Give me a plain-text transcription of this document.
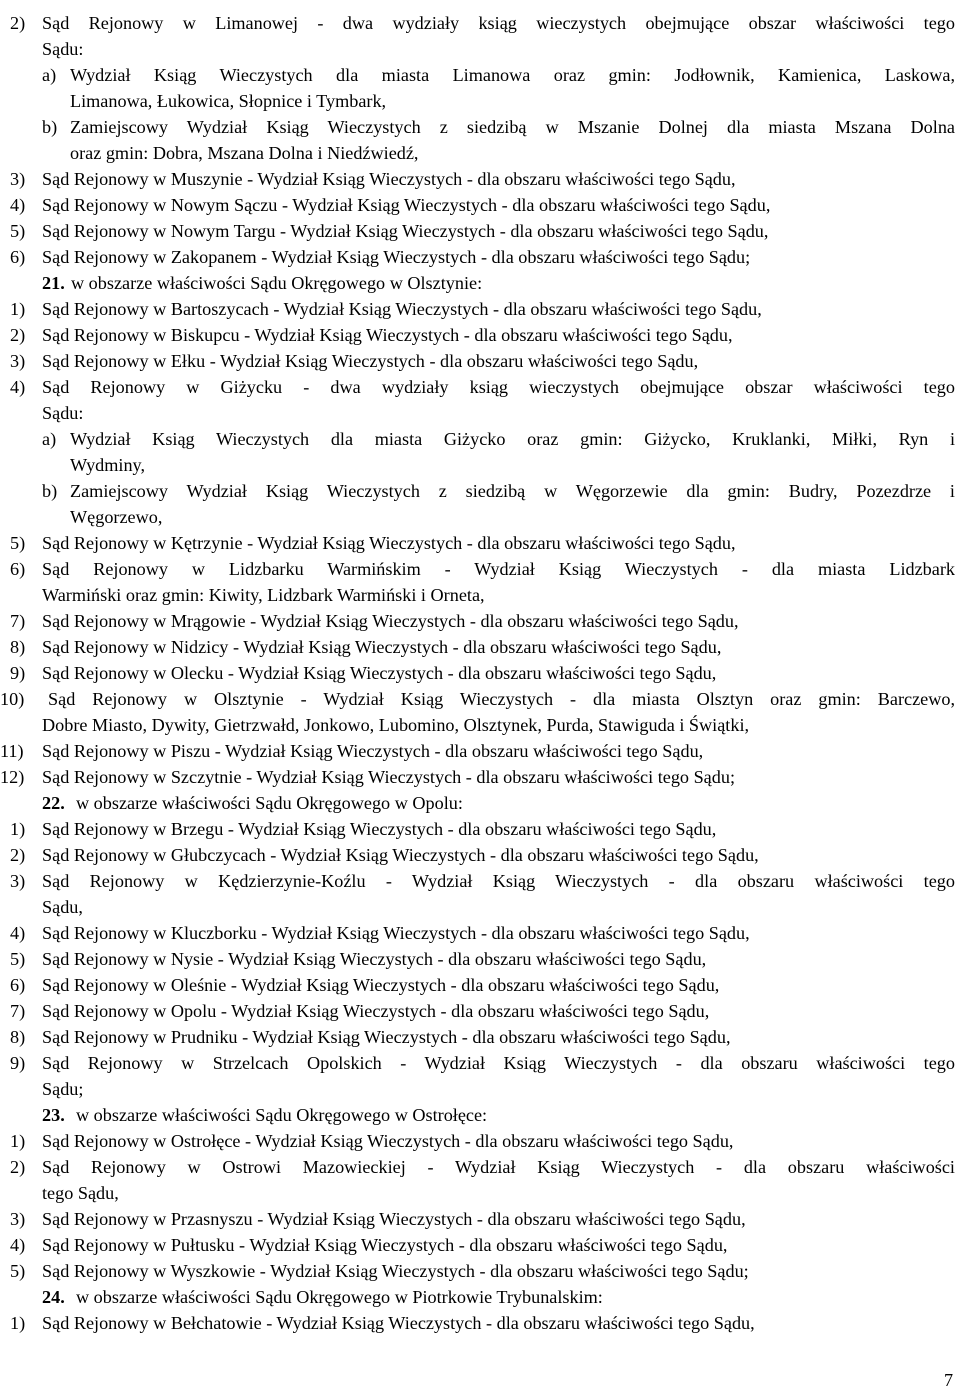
2) Sąd Rejonowy w Limanowej - dwa wydziały ksiąg wieczystych obejmujące obszar właściwości tego
Sądu:
a) Wydział Ksiąg Wieczystych dla miasta Limanowa oraz gmin: Jodłownik, Kamienica, Laskowa,
Limanowa, Łukowica, Słopnice i Tymbark,
b) Zamiejscowy Wydział Ksiąg Wieczystych z siedzibą w Mszanie Dolnej dla miasta Mszana Dolna
oraz gmin: Dobra, Mszana Dolna i Niedźwiedź,
3) Sąd Rejonowy w Muszynie - Wydział Ksiąg Wieczystych - dla obszaru właściwości tego Sądu,
4) Sąd Rejonowy w Nowym Sączu - Wydział Ksiąg Wieczystych - dla obszaru właściwości tego Sądu,
5) Sąd Rejonowy w Nowym Targu - Wydział Ksiąg Wieczystych - dla obszaru właściwości tego Sądu,
6) Sąd Rejonowy w Zakopanem - Wydział Ksiąg Wieczystych - dla obszaru właściwości tego Sądu;
21. w obszarze właściwości Sądu Okręgowego w Olsztynie:
1) Sąd Rejonowy w Bartoszycach - Wydział Ksiąg Wieczystych - dla obszaru właściwości tego Sądu,
2) Sąd Rejonowy w Biskupcu - Wydział Ksiąg Wieczystych - dla obszaru właściwości tego Sądu,
3) Sąd Rejonowy w Ełku - Wydział Ksiąg Wieczystych - dla obszaru właściwości tego Sądu,
4) Sąd Rejonowy w Giżycku - dwa wydziały ksiąg wieczystych obejmujące obszar właściwości tego
Sądu:
a) Wydział Ksiąg Wieczystych dla miasta Giżycko oraz gmin: Giżycko, Kruklanki, Miłki, Ryn i
Wydminy,
b) Zamiejscowy Wydział Ksiąg Wieczystych z siedzibą w Węgorzewie dla gmin: Budry, Pozezdrze i
Węgorzewo,
5) Sąd Rejonowy w Kętrzynie - Wydział Ksiąg Wieczystych - dla obszaru właściwości tego Sądu,
6) Sąd Rejonowy w Lidzbarku Warmińskim - Wydział Ksiąg Wieczystych - dla miasta Lidzbark
Warmiński oraz gmin: Kiwity, Lidzbark Warmiński i Orneta,
7) Sąd Rejonowy w Mrągowie - Wydział Ksiąg Wieczystych - dla obszaru właściwości tego Sądu,
8) Sąd Rejonowy w Nidzicy - Wydział Ksiąg Wieczystych - dla obszaru właściwości tego Sądu,
9) Sąd Rejonowy w Olecku - Wydział Ksiąg Wieczystych - dla obszaru właściwości tego Sądu,
10) Sąd Rejonowy w Olsztynie - Wydział Ksiąg Wieczystych - dla miasta Olsztyn oraz gmin: Barczewo,
Dobre Miasto, Dywity, Gietrzwałd, Jonkowo, Lubomino, Olsztynek, Purda, Stawiguda i Świątki,
11) Sąd Rejonowy w Piszu - Wydział Ksiąg Wieczystych - dla obszaru właściwości tego Sądu,
12) Sąd Rejonowy w Szczytnie - Wydział Ksiąg Wieczystych - dla obszaru właściwości tego Sądu;
22. w obszarze właściwości Sądu Okręgowego w Opolu:
1) Sąd Rejonowy w Brzegu - Wydział Ksiąg Wieczystych - dla obszaru właściwości tego Sądu,
2) Sąd Rejonowy w Głubczycach - Wydział Ksiąg Wieczystych - dla obszaru właściwości tego Sądu,
3) Sąd Rejonowy w Kędzierzynie-Koźlu - Wydział Ksiąg Wieczystych - dla obszaru właściwości tego
Sądu,
4) Sąd Rejonowy w Kluczborku - Wydział Ksiąg Wieczystych - dla obszaru właściwości tego Sądu,
5) Sąd Rejonowy w Nysie - Wydział Ksiąg Wieczystych - dla obszaru właściwości tego Sądu,
6) Sąd Rejonowy w Oleśnie - Wydział Ksiąg Wieczystych - dla obszaru właściwości tego Sądu,
7) Sąd Rejonowy w Opolu - Wydział Ksiąg Wieczystych - dla obszaru właściwości tego Sądu,
8) Sąd Rejonowy w Prudniku - Wydział Ksiąg Wieczystych - dla obszaru właściwości tego Sądu,
9) Sąd Rejonowy w Strzelcach Opolskich - Wydział Ksiąg Wieczystych - dla obszaru właściwości tego
Sądu;
23. w obszarze właściwości Sądu Okręgowego w Ostrołęce:
1) Sąd Rejonowy w Ostrołęce - Wydział Ksiąg Wieczystych - dla obszaru właściwości tego Sądu,
2) Sąd Rejonowy w Ostrowi Mazowieckiej - Wydział Ksiąg Wieczystych - dla obszaru właściwości
tego Sądu,
3) Sąd Rejonowy w Przasnyszu - Wydział Ksiąg Wieczystych - dla obszaru właściwości tego Sądu,
4) Sąd Rejonowy w Pułtusku - Wydział Ksiąg Wieczystych - dla obszaru właściwości tego Sądu,
5) Sąd Rejonowy w Wyszkowie - Wydział Ksiąg Wieczystych - dla obszaru właściwości tego Sądu;
24. w obszarze właściwości Sądu Okręgowego w Piotrkowie Trybunalskim:
1) Sąd Rejonowy w Bełchatowie - Wydział Ksiąg Wieczystych - dla obszaru właściwości tego Sądu,
7
